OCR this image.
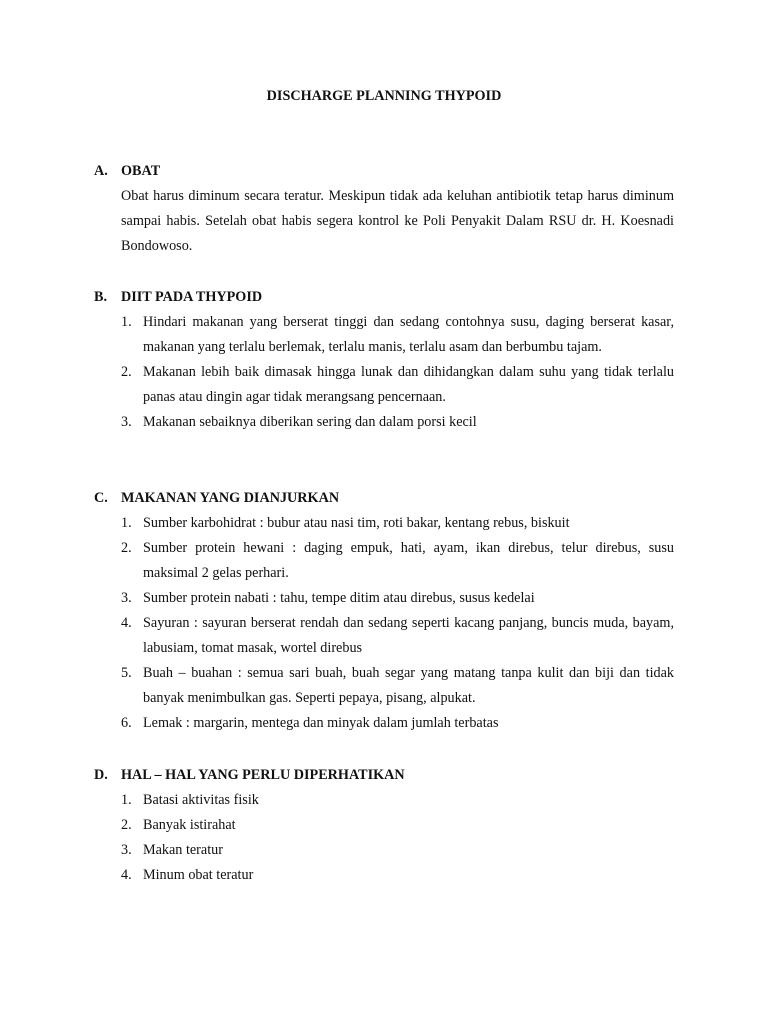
DISCHARGE PLANNING THYPOID
A. OBAT
Obat harus diminum secara teratur. Meskipun tidak ada keluhan antibiotik tetap harus diminum sampai habis. Setelah obat habis segera kontrol ke Poli Penyakit Dalam RSU dr. H. Koesnadi Bondowoso.
B. DIIT PADA THYPOID
1. Hindari makanan yang berserat tinggi dan sedang contohnya susu, daging berserat kasar, makanan yang terlalu berlemak, terlalu manis, terlalu asam dan berbumbu tajam.
2. Makanan lebih baik dimasak hingga lunak dan dihidangkan dalam suhu yang tidak terlalu panas atau dingin agar tidak merangsang pencernaan.
3. Makanan sebaiknya diberikan sering dan dalam porsi kecil
C. MAKANAN YANG DIANJURKAN
1. Sumber karbohidrat : bubur atau nasi tim, roti bakar, kentang rebus, biskuit
2. Sumber protein hewani : daging empuk, hati, ayam, ikan direbus, telur direbus, susu maksimal 2 gelas perhari.
3. Sumber protein nabati : tahu, tempe ditim atau direbus, susus kedelai
4. Sayuran : sayuran berserat rendah dan sedang seperti kacang panjang, buncis muda, bayam, labusiam, tomat masak, wortel direbus
5. Buah – buahan : semua sari buah, buah segar yang matang tanpa kulit dan biji dan tidak banyak menimbulkan gas. Seperti pepaya, pisang, alpukat.
6. Lemak : margarin, mentega dan minyak dalam jumlah terbatas
D. HAL – HAL YANG PERLU DIPERHATIKAN
1. Batasi aktivitas fisik
2. Banyak istirahat
3. Makan teratur
4. Minum obat teratur
